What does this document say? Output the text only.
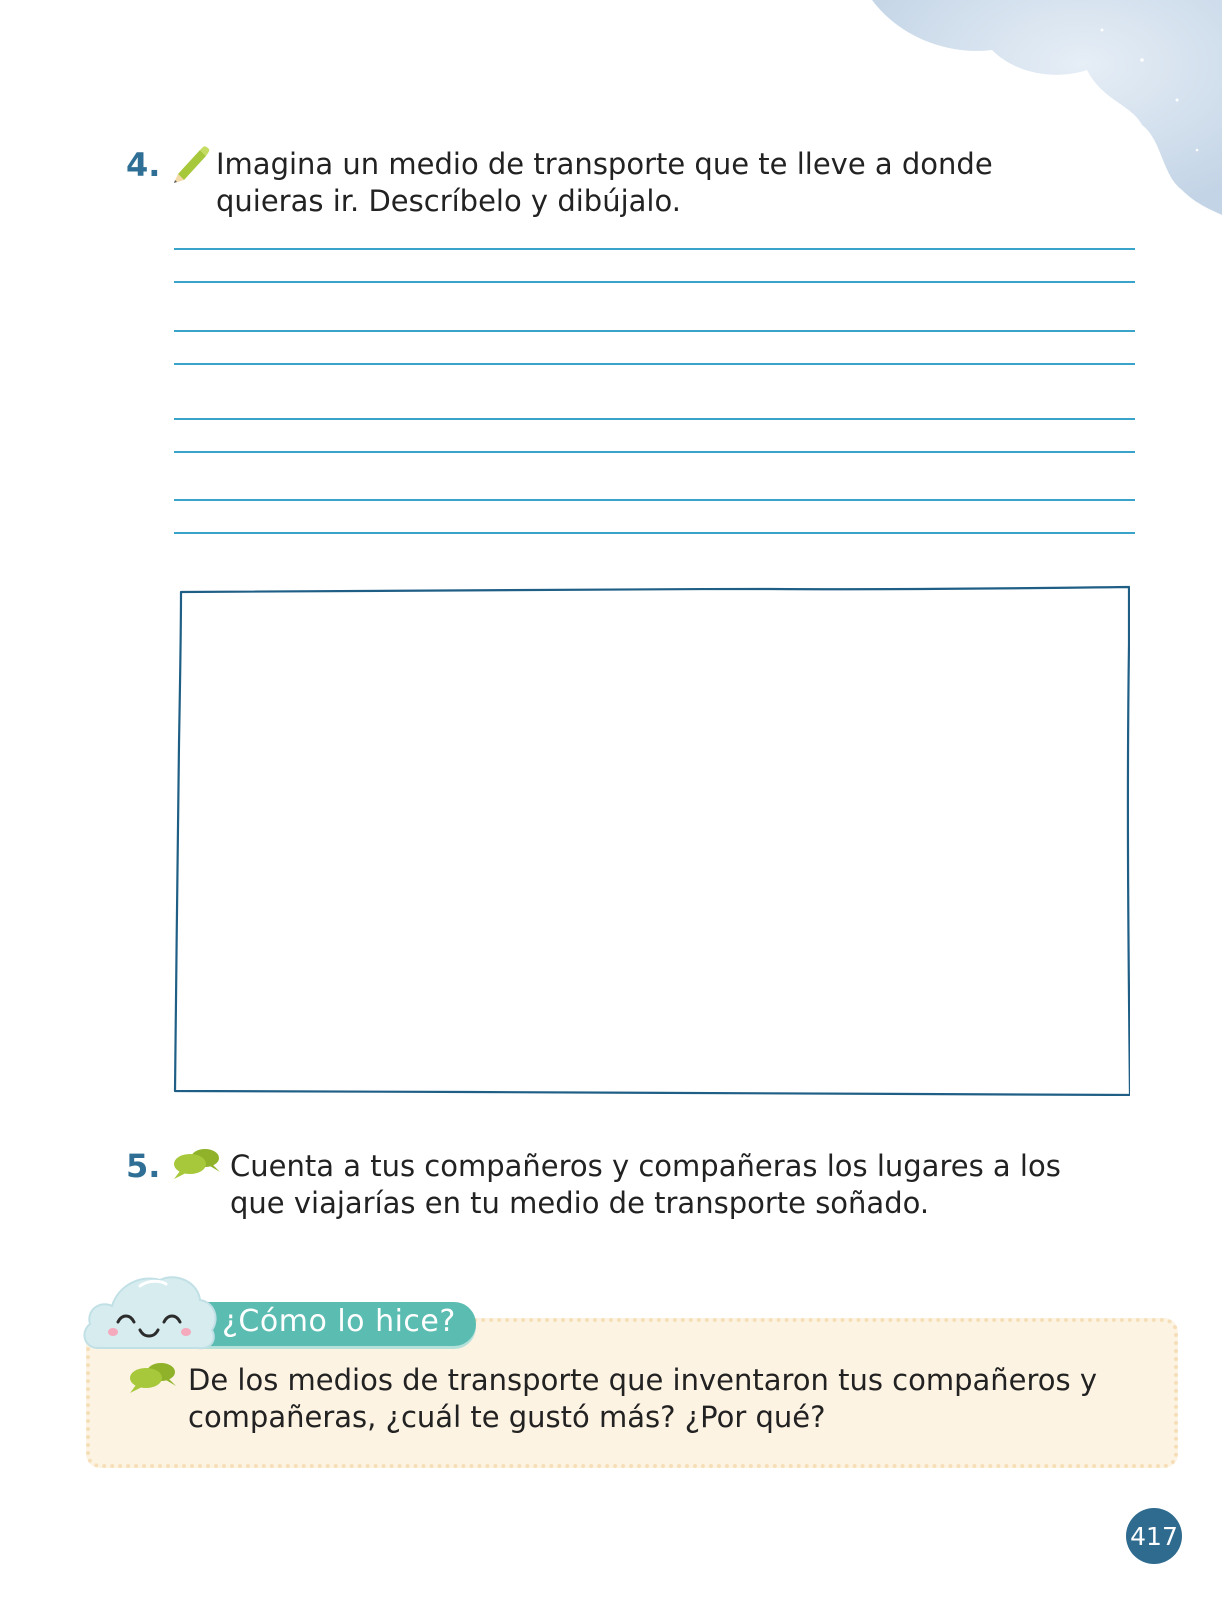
4. Imagina un medio de transporte que te lleve a donde
quieras ir. Descríbelo y dibújalo.
5. Cuenta a tus compañeros y compañeras los lugares a los
que viajarías en tu medio de transporte soñado.
¿Cómo lo hice?
De los medios de transporte que inventaron tus compañeros y
compañeras, ¿cuál te gustó más? ¿Por qué?
417
